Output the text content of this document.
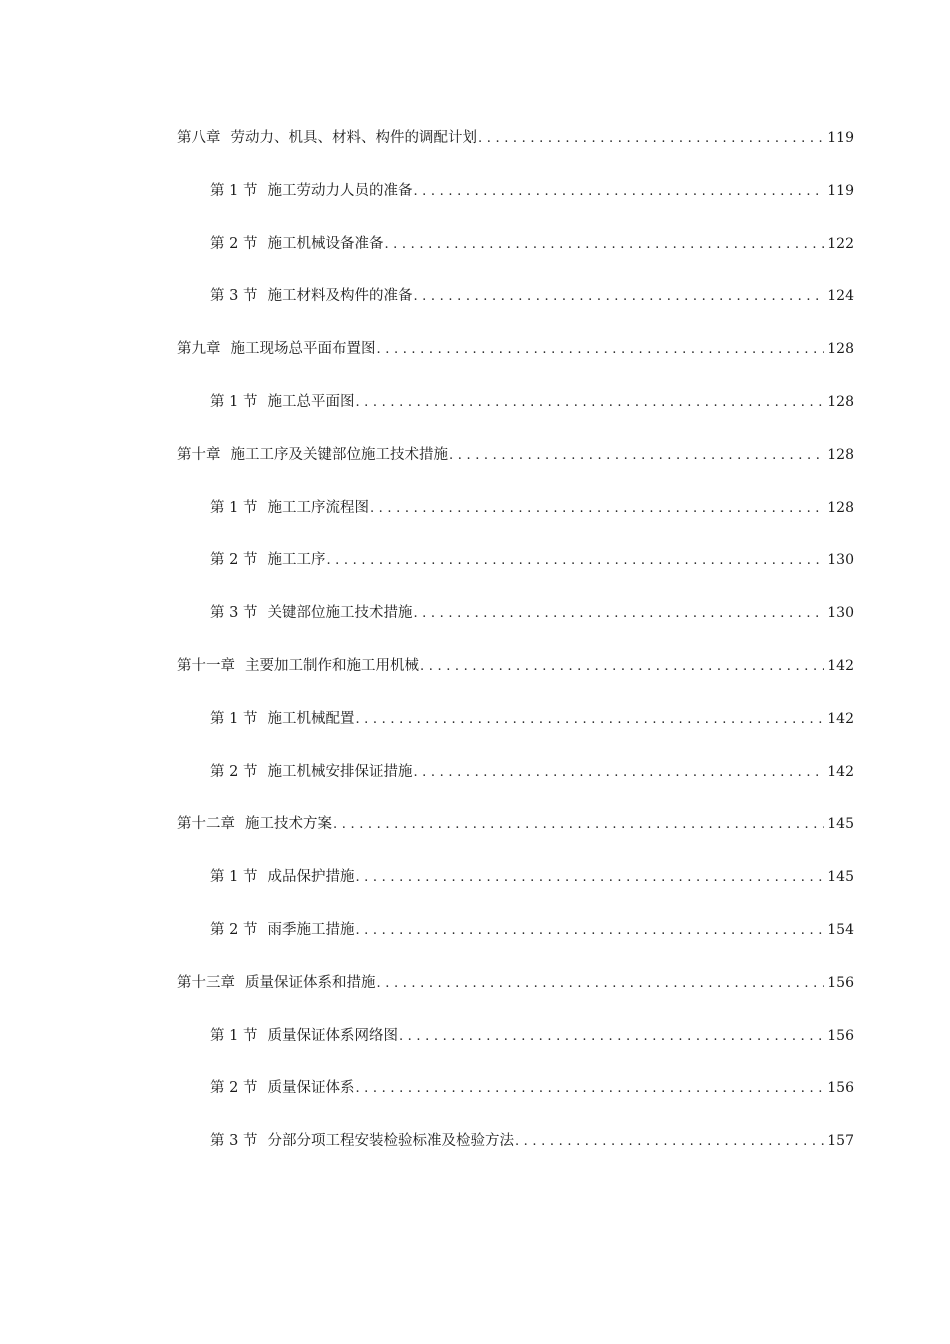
第八章 劳动力、机具、材料、构件的调配计划 .....	119
第 1 节 施工劳动力人员的准备 .....	119
第 2 节 施工机械设备准备 .....	122
第 3 节 施工材料及构件的准备 .....	124
第九章 施工现场总平面布置图 .....	128
第 1 节 施工总平面图 .....	128
第十章 施工工序及关键部位施工技术措施 .....	128
第 1 节 施工工序流程图 .....	128
第 2 节 施工工序 .....	130
第 3 节 关键部位施工技术措施 .....	130
第十一章 主要加工制作和施工用机械 .....	142
第 1 节 施工机械配置 .....	142
第 2 节 施工机械安排保证措施 .....	142
第十二章 施工技术方案 .....	145
第 1 节 成品保护措施 .....	145
第 2 节 雨季施工措施 .....	154
第十三章 质量保证体系和措施 .....	156
第 1 节 质量保证体系网络图 .....	156
第 2 节 质量保证体系 .....	156
第 3 节 分部分项工程安装检验标准及检验方法 .....	157
